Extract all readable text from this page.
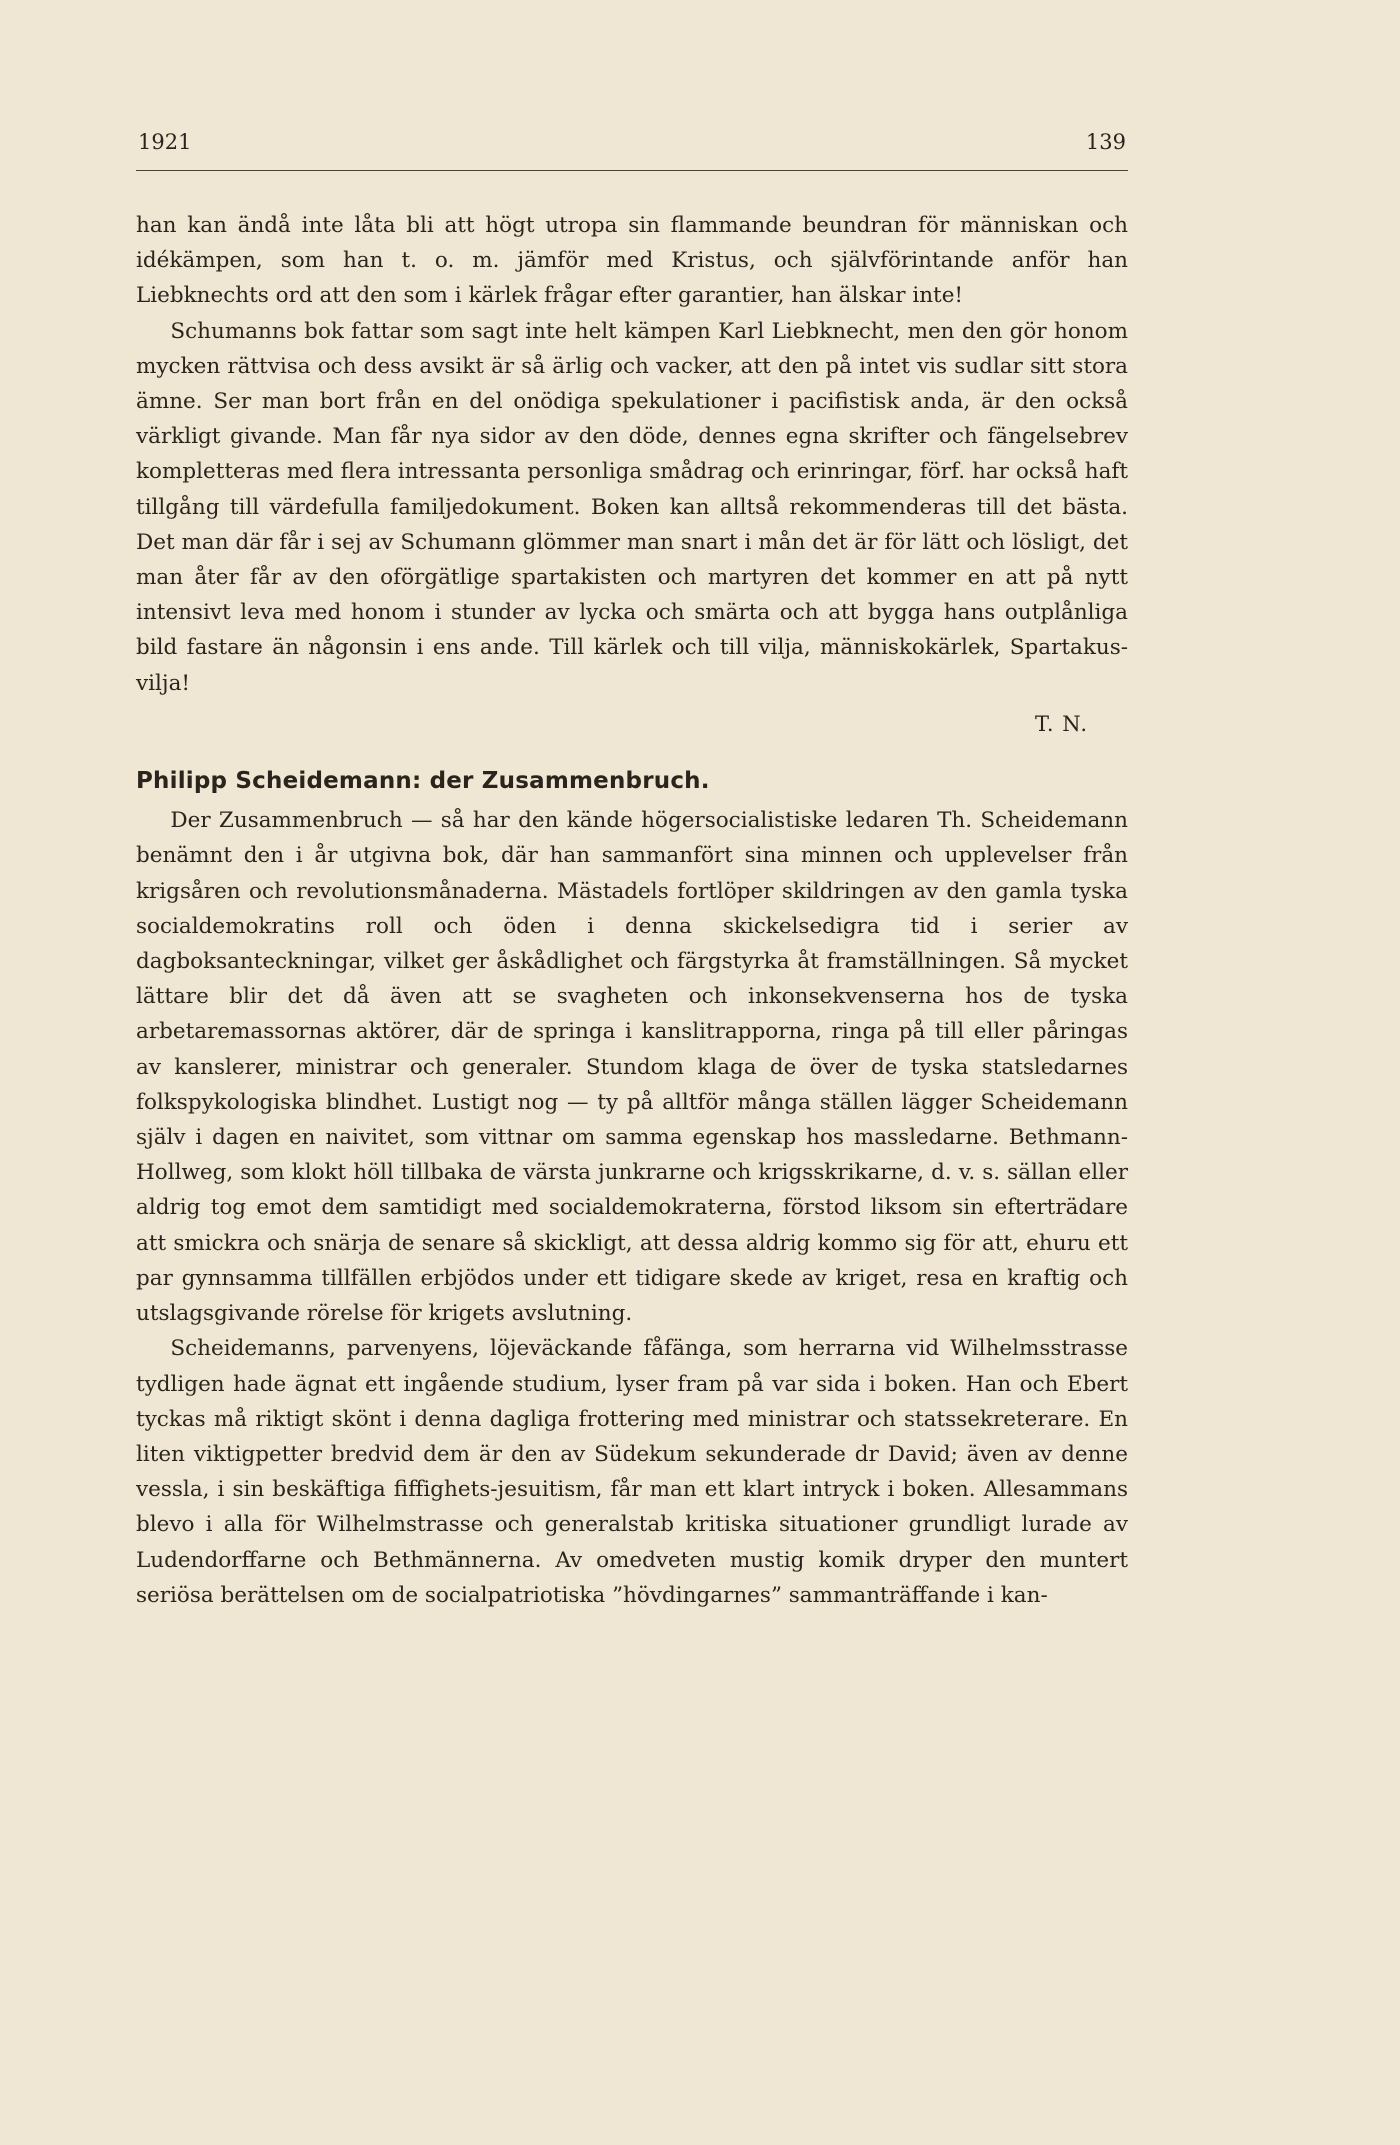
1921	139

han kan ändå inte låta bli att högt utropa sin flammande beundran för människan och idékämpen, som han t. o. m. jämför med Kristus, och självförintande anför han Liebknechts ord att den som i kärlek frågar efter garantier, han älskar inte!

Schumanns bok fattar som sagt inte helt kämpen Karl Liebknecht, men den gör honom mycken rättvisa och dess avsikt är så ärlig och vacker, att den på intet vis sudlar sitt stora ämne. Ser man bort från en del onödiga spekulationer i pacifistisk anda, är den också värkligt givande. Man får nya sidor av den döde, dennes egna skrifter och fängelsebrev kompletteras med flera intressanta personliga smådrag och erinringar, förf. har också haft tillgång till värdefulla familjedokument. Boken kan alltså rekommenderas till det bästa. Det man där får i sej av Schumann glömmer man snart i mån det är för lätt och lösligt, det man åter får av den oförgätlige spartakisten och martyren det kommer en att på nytt intensivt leva med honom i stunder av lycka och smärta och att bygga hans outplånliga bild fastare än någonsin i ens ande. Till kärlek och till vilja, människokärlek, Spartakus-vilja!

T. N.
Philipp Scheidemann: der Zusammenbruch.

Der Zusammenbruch — så har den kände högersocialistiske ledaren Th. Scheidemann benämnt den i år utgivna bok, där han sammanfört sina minnen och upplevelser från krigsåren och revolutionsmånaderna. Mästadels fortlöper skildringen av den gamla tyska socialdemokratins roll och öden i denna skickelsedigra tid i serier av dagboksanteckningar, vilket ger åskådlighet och färgstyrka åt framställningen. Så mycket lättare blir det då även att se svagheten och inkonsekvenserna hos de tyska arbetaremassornas aktörer, där de springa i kanslitrapporna, ringa på till eller påringas av kanslerer, ministrar och generaler. Stundom klaga de över de tyska statsledarnes folkspykologiska blindhet. Lustigt nog — ty på alltför många ställen lägger Scheidemann själv i dagen en naivitet, som vittnar om samma egenskap hos massledarne. Bethmann-Hollweg, som klokt höll tillbaka de värsta junkrarne och krigsskrikarne, d. v. s. sällan eller aldrig tog emot dem samtidigt med socialdemokraterna, förstod liksom sin efterträdare att smickra och snärja de senare så skickligt, att dessa aldrig kommo sig för att, ehuru ett par gynnsamma tillfällen erbjödos under ett tidigare skede av kriget, resa en kraftig och utslagsgivande rörelse för krigets avslutning.

Scheidemanns, parvenyens, löjeväckande fåfänga, som herrarna vid Wilhelmsstrasse tydligen hade ägnat ett ingående studium, lyser fram på var sida i boken. Han och Ebert tyckas må riktigt skönt i denna dagliga frottering med ministrar och statssekreterare. En liten viktigpetter bredvid dem är den av Südekum sekunderade dr David; även av denne vessla, i sin beskäftiga fiffighets-jesuitism, får man ett klart intryck i boken. Allesammans blevo i alla för Wilhelmstrasse och generalstab kritiska situationer grundligt lurade av Ludendorffarne och Bethmännerna. Av omedveten mustig komik dryper den muntert seriösa berättelsen om de socialpatriotiska ”hövdingarnes” sammanträffande i kan-
